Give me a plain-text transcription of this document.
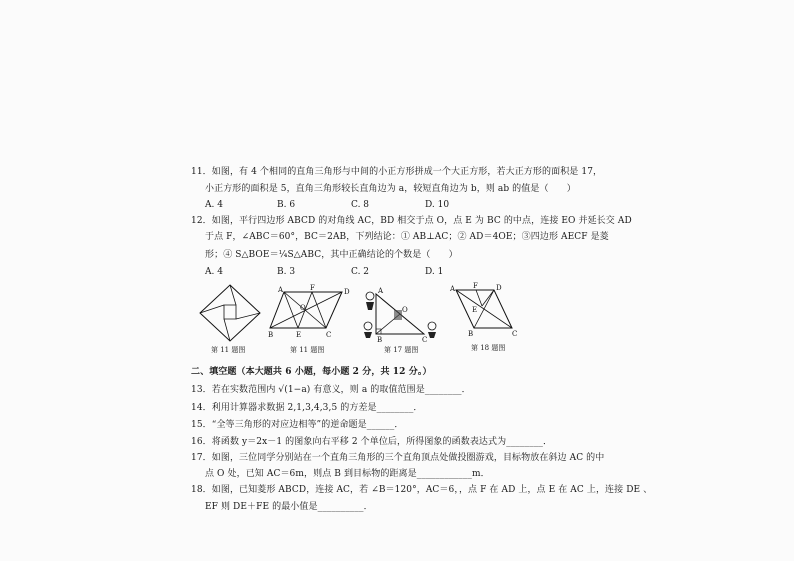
11．如图，有 4 个相同的直角三角形与中间的小正方形拼成一个大正方形，若大正方形的面积是 17，
小正方形的面积是 5，直角三角形较长直角边为 a，较短直角边为 b，则 ab 的值是（　　）
A. 4	B. 6	C. 8	D. 10
12．如图，平行四边形 ABCD 的对角线 AC，BD 相交于点 O，点 E 为 BC 的中点，连接 EO 并延长交 AD
于点 F，∠ABC＝60°，BC＝2AB，下列结论：① AB⊥AC；② AD＝4OE；③四边形 AECF 是菱
形；④ S△BOE＝¼S△ABC，其中正确结论的个数是（　　）
A. 4	B. 3	C. 2	D. 1
A	F	D
O
B	E	C
A
B	C
O
A	F	D
E
B	C
第 11 题图	第 11 题图	第 17 题图	第 18 题图
二、填空题（本大题共 6 小题，每小题 2 分，共 12 分。）
13．若在实数范围内 √(1−a) 有意义，则 a 的取值范围是________．
14．利用计算器求数据 2,1,3,4,3,5 的方差是________．
15．“全等三角形的对应边相等”的逆命题是______．
16．将函数 y＝2x－1 的图象向右平移 2 个单位后，所得图象的函数表达式为________．
17．如图，三位同学分别站在一个直角三角形的三个直角顶点处做投圈游戏，目标物放在斜边 AC 的中
点 O 处，已知 AC＝6m，则点 B 到目标物的距离是____________m．
18．如图，已知菱形 ABCD，连接 AC，若 ∠B＝120°，AC＝6，，点 F 在 AD 上，点 E 在 AC 上，连接 DE 、
EF 则 DE＋FE 的最小值是__________．
